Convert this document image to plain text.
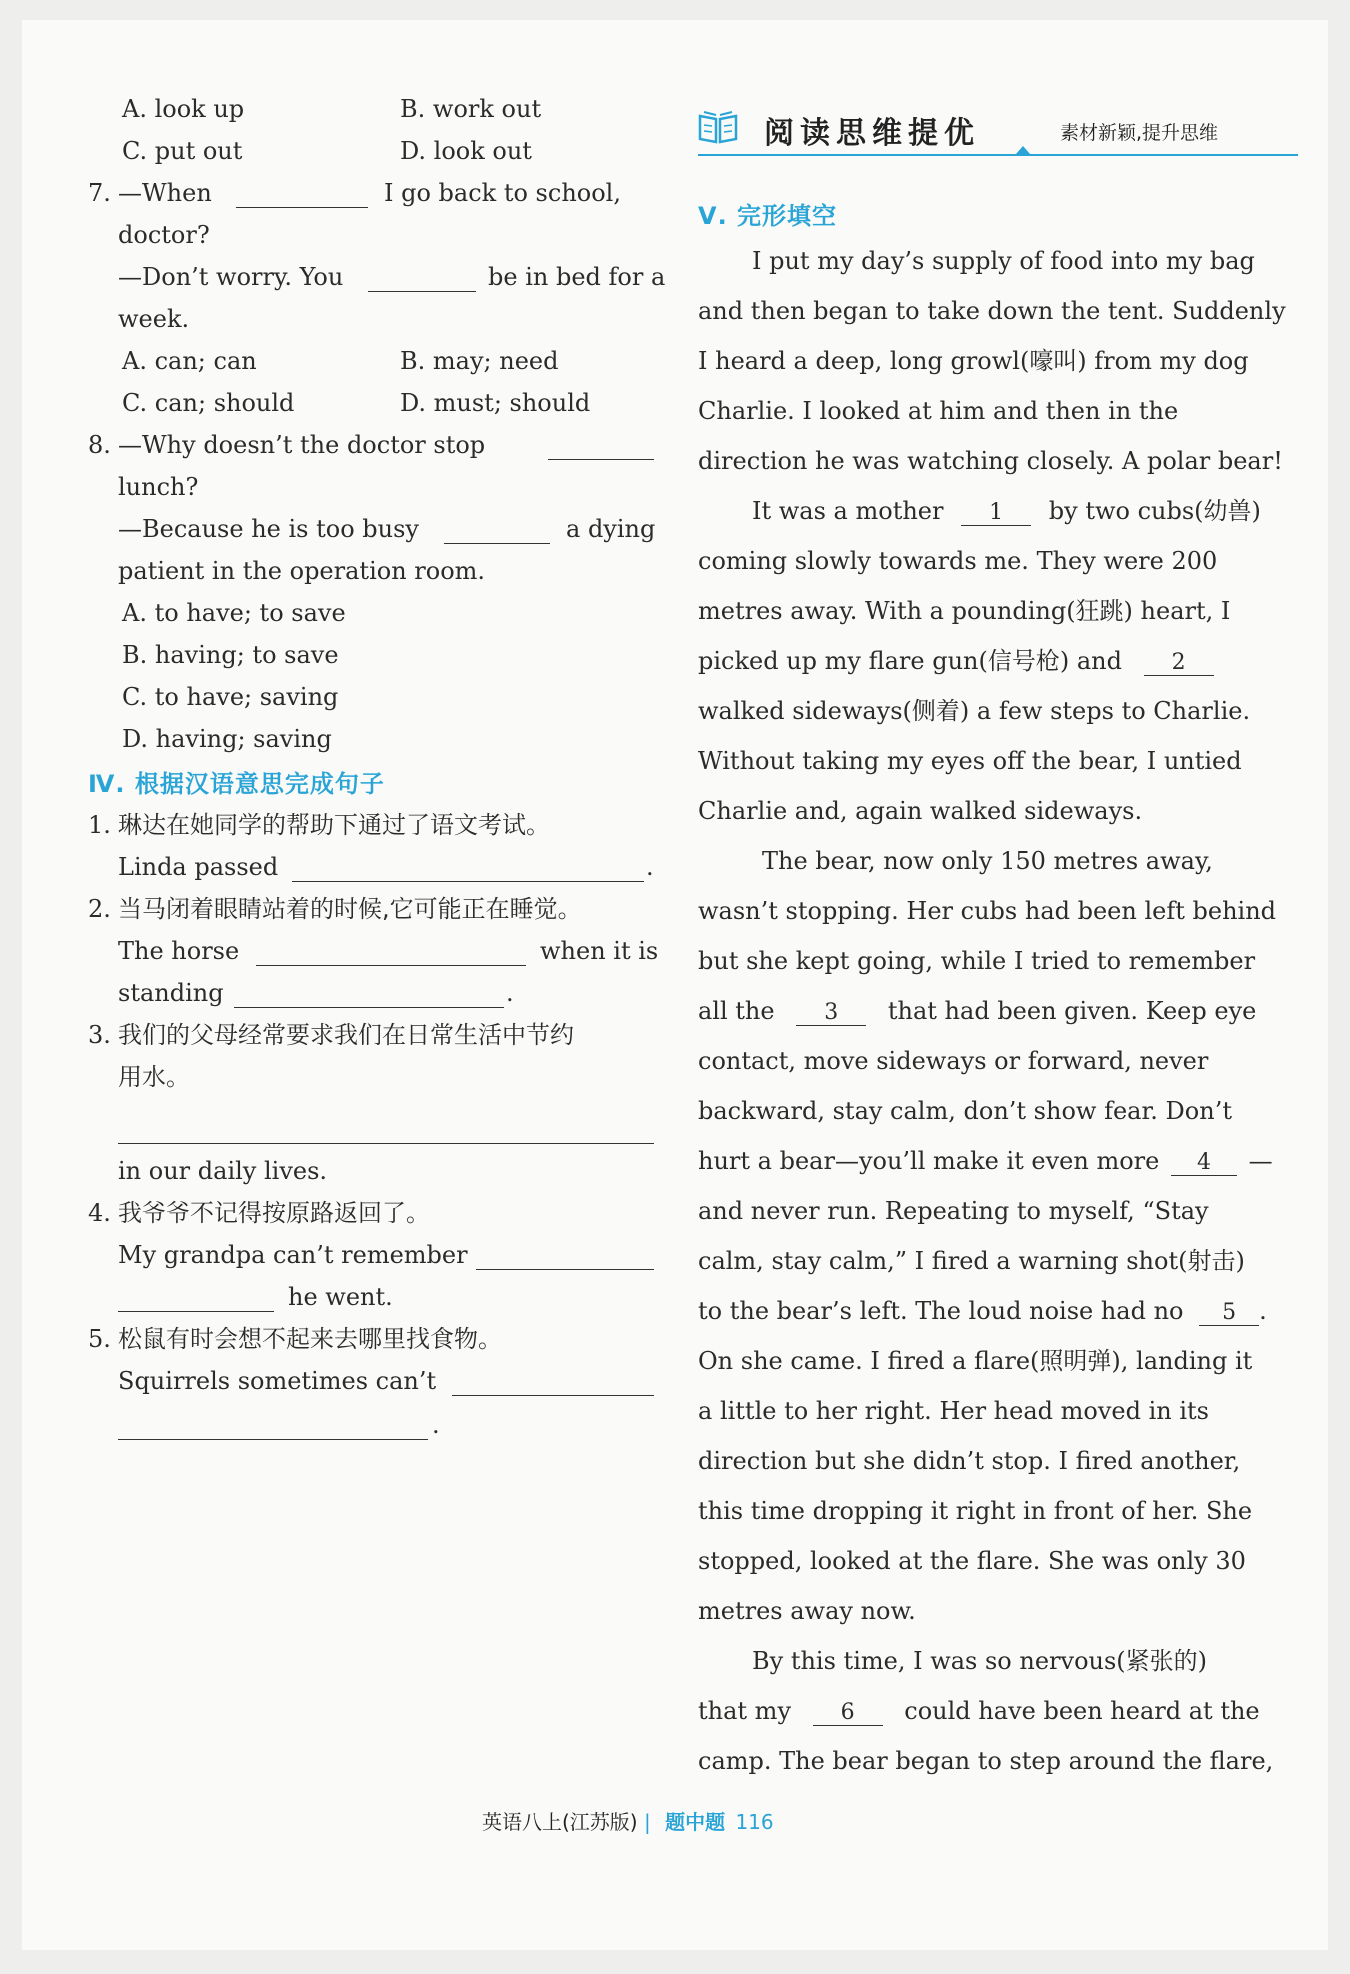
A. look up	B. work out
C. put out	D. look out
7. —When	I go back to school,
doctor?
—Don’t worry. You	be in bed for a
week.
A. can; can	B. may; need
C. can; should	D. must; should
8. —Why doesn’t the doctor stop
lunch?
—Because he is too busy	a dying
patient in the operation room.
A. to have; to save
B. having; to save
C. to have; saving
D. having; saving
Ⅳ. 根据汉语意思完成句子
1. 琳达在她同学的帮助下通过了语文考试。
Linda passed	.
2. 当马闭着眼睛站着的时候,它可能正在睡觉。
The horse	when it is
standing	.
3. 我们的父母经常要求我们在日常生活中节约
用水。
in our daily lives.
4. 我爷爷不记得按原路返回了。
My grandpa can’t remember
he went.
5. 松鼠有时会想不起来去哪里找食物。
Squirrels sometimes can’t
.
阅读思维提优	素材新颖,提升思维
Ⅴ. 完形填空
I put my day’s supply of food into my bag
and then began to take down the tent. Suddenly
I heard a deep, long growl(嚎叫) from my dog
Charlie. I looked at him and then in the
direction he was watching closely. A polar bear!
It was a mother 1 by two cubs(幼兽)
coming slowly towards me. They were 200
metres away. With a pounding(狂跳) heart, I
picked up my flare gun(信号枪) and 2
walked sideways(侧着) a few steps to Charlie.
Without taking my eyes off the bear, I untied
Charlie and, again walked sideways.
The bear, now only 150 metres away,
wasn’t stopping. Her cubs had been left behind
but she kept going, while I tried to remember
all the 3 that had been given. Keep eye
contact, move sideways or forward, never
backward, stay calm, don’t show fear. Don’t
hurt a bear—you’ll make it even more 4 —
and never run. Repeating to myself, “Stay
calm, stay calm,” I fired a warning shot(射击)
to the bear’s left. The loud noise had no 5 .
On she came. I fired a flare(照明弹), landing it
a little to her right. Her head moved in its
direction but she didn’t stop. I fired another,
this time dropping it right in front of her. She
stopped, looked at the flare. She was only 30
metres away now.
By this time, I was so nervous(紧张的)
that my 6 could have been heard at the
camp. The bear began to step around the flare,
英语八上(江苏版) | 题中题 116
